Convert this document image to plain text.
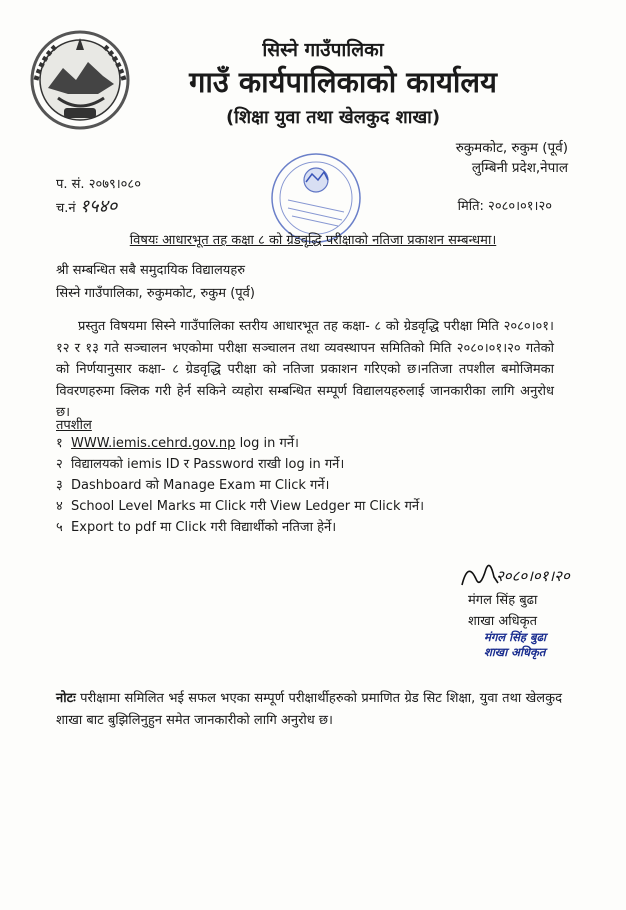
सिस्ने गाउँपालिका
गाउँ कार्यपालिकाको कार्यालय
(शिक्षा युवा तथा खेलकुद शाखा)
रुकुमकोट, रुकुम (पूर्व)
लुम्बिनी प्रदेश,नेपाल
प. सं. २०७९।०८०
च.नं १५४०	मिति: २०८०।०१।२०
विषयः आधारभूत तह कक्षा ८ को ग्रेडवृद्धि परीक्षाको नतिजा प्रकाशन सम्बन्धमा।
श्री सम्बन्धित सबै समुदायिक विद्यालयहरु
सिस्ने गाउँपालिका, रुकुमकोट, रुकुम (पूर्व)
प्रस्तुत विषयमा सिस्ने गाउँपालिका स्तरीय आधारभूत तह कक्षा- ८ को ग्रेडवृद्धि परीक्षा मिति २०८०।०१।१२ र १३ गते सञ्चालन भएकोमा परीक्षा सञ्चालन तथा व्यवस्थापन समितिको मिति २०८०।०१।२० गतेको को निर्णयानुसार कक्षा- ८ ग्रेडवृद्धि परीक्षा को नतिजा प्रकाशन गरिएको छ।नतिजा तपशील बमोजिमका विवरणहरुमा क्लिक गरी हेर्न सकिने व्यहोरा सम्बन्धित सम्पूर्ण विद्यालयहरुलाई जानकारीका लागि अनुरोध छ।
तपशील
१ WWW.iemis.cehrd.gov.np log in गर्ने।
२ विद्यालयको iemis ID र Password राखी log in गर्ने।
३ Dashboard को Manage Exam मा Click गर्ने।
४ School Level Marks मा Click गरी View Ledger मा Click गर्ने।
५ Export to pdf मा Click गरी विद्यार्थीको नतिजा हेर्ने।
२०८०।०१।२०
मंगल सिंह बुढा
शाखा अधिकृत
मंगल सिंह बुढा
शाखा अधिकृत
नोटः परीक्षामा समिलित भई सफल भएका सम्पूर्ण परीक्षार्थीहरुको प्रमाणित ग्रेड सिट शिक्षा, युवा तथा खेलकुद शाखा बाट बुझिलिनुहुन समेत जानकारीको लागि अनुरोध छ।
